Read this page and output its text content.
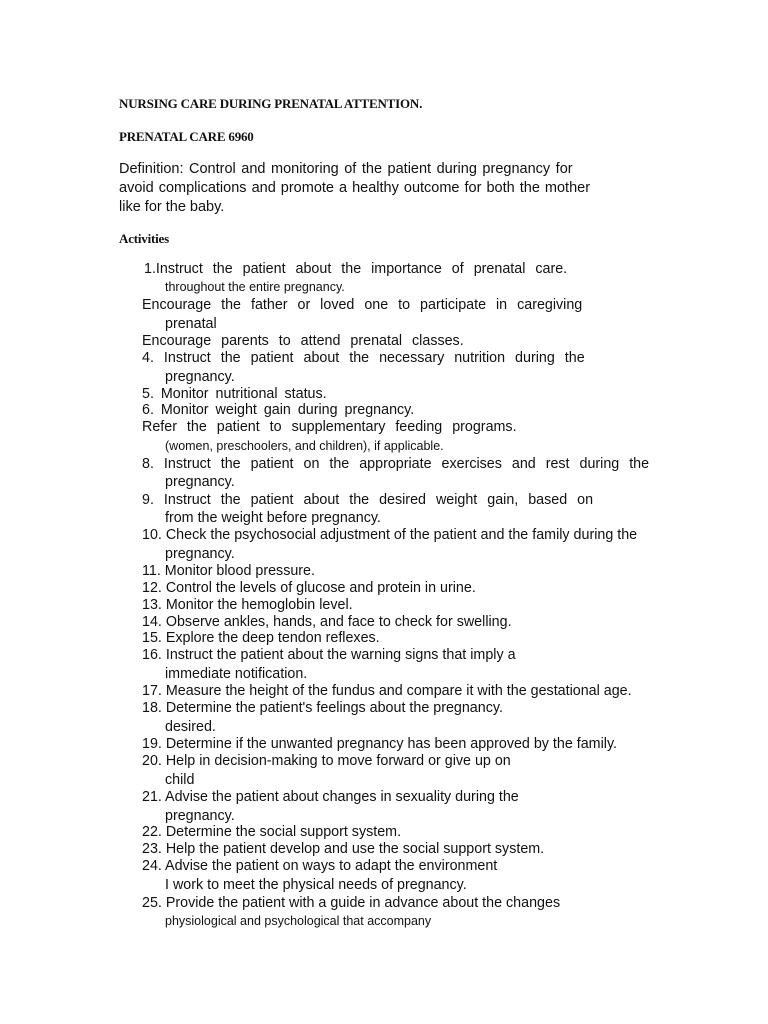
NURSING CARE DURING PRENATAL ATTENTION.
PRENATAL CARE 6960
Definition: Control and monitoring of the patient during pregnancy for
avoid complications and promote a healthy outcome for both the mother
like for the baby.
Activities
1.Instruct the patient about the importance of prenatal care.
throughout the entire pregnancy.
Encourage the father or loved one to participate in caregiving
prenatal
Encourage parents to attend prenatal classes.
4. Instruct the patient about the necessary nutrition during the
pregnancy.
5. Monitor nutritional status.
6. Monitor weight gain during pregnancy.
Refer the patient to supplementary feeding programs.
(women, preschoolers, and children), if applicable.
8. Instruct the patient on the appropriate exercises and rest during the
pregnancy.
9. Instruct the patient about the desired weight gain, based on
from the weight before pregnancy.
10. Check the psychosocial adjustment of the patient and the family during the
pregnancy.
11. Monitor blood pressure.
12. Control the levels of glucose and protein in urine.
13. Monitor the hemoglobin level.
14. Observe ankles, hands, and face to check for swelling.
15. Explore the deep tendon reflexes.
16. Instruct the patient about the warning signs that imply a
immediate notification.
17. Measure the height of the fundus and compare it with the gestational age.
18. Determine the patient's feelings about the pregnancy.
desired.
19. Determine if the unwanted pregnancy has been approved by the family.
20. Help in decision-making to move forward or give up on
child
21. Advise the patient about changes in sexuality during the
pregnancy.
22. Determine the social support system.
23. Help the patient develop and use the social support system.
24. Advise the patient on ways to adapt the environment
I work to meet the physical needs of pregnancy.
25. Provide the patient with a guide in advance about the changes
physiological and psychological that accompany
